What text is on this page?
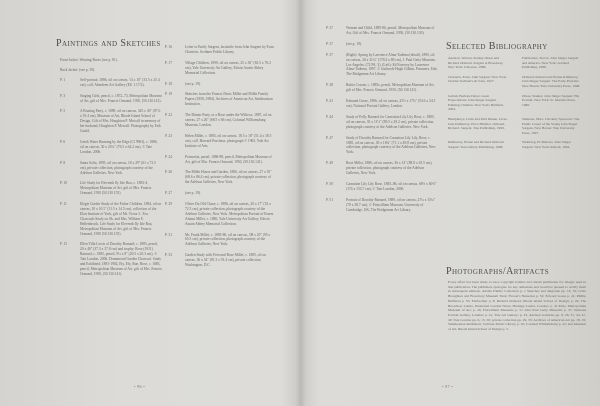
Paintings and Sketches
Front Jacket: Wearing Boots (see p. 81).
Back Jacket: (see p. 39).
P. 1	Self-portrait, 1886, oil on canvas, 13 x 10" (33.5 x 25.4 cm), coll. Aberdeen Art Gallery (EU 1.17/2).
P. 3	Singing Girls, pencil, c. 1872–73, Metropolitan Museum of Art, gift of Mrs. Francis Ormond, 1950, (50.130.141).
P. 5	A Boating Party, c. 1889, oil on canvas, 345 x 36" (87.6 x 91.4 cm), Museum of Art, Rhode Island School of Design, Gift of Mrs. Houghton P. Metcalf in memory of her husband, Houghton P. Metcalf. Photography by Erik Gould.
P. 6	Greek Water Running by the Edge (Cl 9963), c. 1886, oil on canvas, 30 x 25¼" (76.5 x 64.2 cm), © Tate London, 2006.
P. 8	Santa Sofia, 1895, oil on canvas, 18 x 29" (61 x 73.5 cm), private collection, photograph courtesy of the Adelson Galleries, New York.
P. 10	Life Study for Eleventh Ily Isle Rua, c. 1883-4, Metropolitan Museum of Art, gift of Mrs. Francis Ormond, 1950 (50.130.155).
P. 11	Elegie Gorder Study of the Fisher Children, 1884, oil on canvas, 10 x 10.5" (11.5 x 14.5 cm), collection of the Elon Institute of York, gift of Mr. Victor L. Fox. Charcoals Study on Sk. and Mrs. William E. Hellenbrook, Life Study for Eleventh Ily Isle Rua, Metropolitan Museum of Art, gift of Mrs. Francis Ormond, 1950 (50.130.155).
P. 15	Ellen Villa Lewis of Dorothy Barnard, c. 1885, pencil, 20 x 46" (37.3 x 37.8 cm) and trophy; Rose (1911) Barnard, c. 1885, pencil, 9¼ x 8" (20.5 x 20.3 cm), © Tate London, 2006. Drummond Garden Charcoal. Study and Exhibited, 1881-1902, Ely, Ely, Rue, Rose, c. 1883, pencil, Metropolitan Museum of Art, gift of Mrs. Francis Ormond, 1950, (50.130.141).
P. 16	Letter to Emily Sargent, facsimile from John Sargent by Evan Charteris, Scribner Public Library.
P. 17	Village Children, 1890, oil on canvas, 25 x 30" (63.5 x 76.2 cm), Yale University Art Gallery, Edwin Austin Abbey Memorial Collection.
P. 18	(see p. 19).
P. 19	Sketches from the Francis Davis Millet and Millet Family Papers (1858–1984), Archives of American Art, Smithsonian Institution.
P. 22	The Dinner Party, or a Rose under the Willows, 1887, oil on canvas, 27 x 26" (68.5 x 66 cm), Colonial Williamsburg Museum, London.
P. 23	Helen Millet, c. 1885, oil on canvas, 18.5 x 18" (51.4 x 38.5 cm), coll. Harvard Purchase, photograph © 1963, Yale Art Institute of Arts.
P. 24	Poinsettia, pastel, 1886-88, pencil, Metropolitan Museum of Art, gift of Mrs. Francis Ormond, 1950, (50.130.141).
P. 26	The Millet House and Garden, 1886, oil on canvas, 27 x 35" (68.6 x 86.4 cm), private collection, photograph courtesy of the Adelson Galleries, New York.
P. 27	(see p. 19).
P. 29	Oliver Du Old Chase, c. 1886, oil on canvas, 20 x 17" (52 x 72.5 cm), private collection, photograph courtesy of the Adelson Galleries, New York. Metropolitan Portrait of Ernest Adams Millet, c. 1886, Yale University Art Gallery, Edwin Austin Abbey Memorial Collection.
P. 31	Mr. Frank Millet, c. 1885-86, oil on canvas, 3H x 20" (95 x 63.5 cm), private collection, photograph courtesy of the Adelson Galleries, New York.
P. 33	Garden Study with Fern and Rose Millet, c. 1885, oil on canvas, 36 x 34" (81.3 x 91.4 cm), private collection, Washington, D.C.
• 96 •
P. 37	Women and Child, 1885-86, pencil, Metropolitan Museum of Art, Gift of Mrs. Francis Ormond, 1950, (50.130.130).
P. 37	(see p. 19).
P. 37	(Right): Spring by Lawrence Alma-Tadema (detail), 1895, oil on canvas, 20 x 31¼" (178.4 x 80 cm), J. Paul Getty Museum, Los Angeles. (72 PA. 3). (Left): Ed Fonsvey by Lawrence Alma-Tadema, 1897, © Gutbrodt-Hugh Gillian, Prisoners, Ede; The Bridgeman Art Library.
P. 38	Rubio Cowan, c. 1885s, pencil, Metropolitan Museum of Art, gift of Mrs. Francis Ormond, 1950, (50.130.141).
P. 41	Edmund Gosse, 1886, oil on canvas, 25½ x 17¾" (54.6 x 34.3 cm), National Portrait Gallery, London.
P. 44	Study of Polly Barnard for Carnation Lily Lily Rose, c. 1885, oil on canvas, 35 x 11½" (89.5 x 29.2 cm), private collection, photograph courtesy of the Adelson Galleries, New York.
P. 47	Study of Dorothy Barnard for Carnation Lily Lily, Rose, c. 1885, oil on canvas, 30 x 18¾" (71.1 x 49.8 cm), private collection, photograph courtesy of the Adelson Galleries, New York.
P. 49	Rose Millet, 1886, oil on canvas, 36 x 14" (88.8 x 35.5 cm), private collection, photograph courtesy of the Adelson Galleries, New York.
P. 50	Carnation Lily Lily Rose, 1885–86, oil on canvas, 68½ x 60½" (174 x 153.7 cm), © Tate London, 2006.
P. 51	Portrait of Dorothy Barnard, 1889, oil on canvas, 27¼ x 15¼" (70 x 38.7 cm), © Fitzwilliam Museum, University of Cambridge, UK; The Bridgeman Art Library.
Selected Bibliography
Adelson, Warren, Stanley Olson and Richard Ormond. Sargent at Broadway. New York: Universe, 1986.
Fairbrother, Trevor. John Singer Sargent and America. New York: Garland Publishing, 1986.
Charteris, Evan. John Sargent. New York: Charles Scribner's & Sons, 1927.
Ormond, Richard and Elaine Kilmurray. John Singer Sargent. The Early Portraits. New Haven: Yale University Press, 1998.
Gallati, Barbara Dayer. Great Expectations: John Singer Sargent Painting Children. New York: Bulfinch, 2004.
Olson, Stanley. John Singer Sargent: His Portrait. New York: St. Martin's Press, 1986.
Humphreys, Colin and Paul Dunne. Lives. Jane Kilmurray, Erica Hirshler. Ormond, Richard. Sargent. Tate Publishing, 1999.
Simpson, Marc. Uncanny Spectacle: The Public Career of the Young John Singer Sargent. New Haven: Yale University Press, 1997.
Kilmurray, Elaine and Richard Ormond. Sargent: Tate Gallery Publishing, 1998.
Weinberg, H. Barbara. John Singer Sargent. New York: Rizzoli, 1994.
Photographs/Artifacts
Every effort has been made to trace copyright holders and obtain permission for images used in this publication. The publishers apologise for any omissions and would be pleased to rectify them in subsequent editions. Adams Family Collection p. 1 Sketches and diagrams pp. 18, 19; Colin Broughton and Broadway Museum Trust; Flower's Nurseries p. 52; Edward Gosse p. 41; Phillip Hoffman p. 55; Fairbrother p. 8; Richard Ormond; Rhode Island School of Design; p. 20, The Broadway Centre, Illustrated London News; Heritage Centre, London; p. 32 Paris, Metropolitan Museum of Art; p. 29, Fitzwilliam Museum; p. 51 John Paul Getty Museum; p. 37, National Portrait Gallery, London; p. 41, Yale Art Gallery; p. 23, Adelson Galleries pp. 8, 26, 31, 44, 47, 49; Tate London pp. 6, 15, 50; private collection pp. 29, 33; Archives of American Art pp. 18, 19; Smithsonian Institution; Scribner Public Library p. 16; Colonial Williamsburg p. 22; and Museum of Art, Rhode Island School of Design p. 5.
• 97 •
